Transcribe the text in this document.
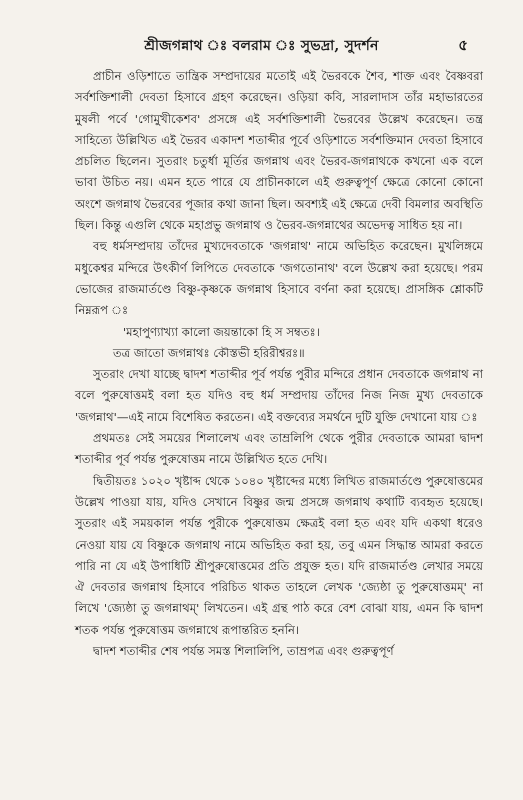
শ্রীজগন্নাথ ঃ বলরাম ঃ সুভদ্রা, সুদর্শন	৫

প্রাচীন ওড়িশাতে তান্ত্রিক সম্প্রদায়ের মতোই এই ভৈরবকে শৈব, শাক্ত এবং বৈষ্ণবরা সর্বশক্তিশালী দেবতা হিসাবে গ্রহণ করেছেন। ওড়িয়া কবি, সারলাদাস তাঁর মহাভারতের মুষলী পর্বে 'গোমুখীকেশব' প্রসঙ্গে এই সর্বশক্তিশালী ভৈরবের উল্লেখ করেছেন। তন্ত্র সাহিত্যে উল্লিখিত এই ভৈরব একাদশ শতাব্দীর পূর্বে ওড়িশাতে সর্বশক্তিমান দেবতা হিসাবে প্রচলিত ছিলেন। সুতরাং চতুর্ধা মূর্তির জগন্নাথ এবং ভৈরব-জগন্নাথকে কখনো এক বলে ভাবা উচিত নয়। এমন হতে পারে যে প্রাচীনকালে এই গুরুত্বপূর্ণ ক্ষেত্রে কোনো কোনো অংশে জগন্নাথ ভৈরবের পূজার কথা জানা ছিল। অবশ্যই এই ক্ষেত্রে দেবী বিমলার অবস্থিতি ছিল। কিন্তু এগুলি থেকে মহাপ্রভু জগন্নাথ ও ভৈরব-জগন্নাথের অভেদত্ব সাধিত হয় না।

বহু ধর্মসম্প্রদায় তাঁদের মুখ্যদেবতাকে 'জগন্নাথ' নামে অভিহিত করেছেন। মুখলিঙ্গমে মধুকেশ্বর মন্দিরে উৎকীর্ণ লিপিতে দেবতাকে 'জগতোনাথ' বলে উল্লেখ করা হয়েছে। পরম ভোজের রাজমার্তণ্ডে বিষ্ণু-কৃষ্ণকে জগন্নাথ হিসাবে বর্ণনা করা হয়েছে। প্রাসঙ্গিক শ্লোকটি নিম্নরূপ ঃ

'মহাপুণ্যাখ্যা কালো জয়ন্তাকো হি স সম্বতঃ।

তত্র জাতো জগন্নাথঃ কৌস্তভী হরিরীশ্বরঃ॥

সুতরাং দেখা যাচ্ছে দ্বাদশ শতাব্দীর পূর্ব পর্যন্ত পুরীর মন্দিরে প্রধান দেবতাকে জগন্নাথ না বলে পুরুষোত্তমই বলা হত যদিও বহু ধর্ম সম্প্রদায় তাঁদের নিজ নিজ মুখ্য দেবতাকে 'জগন্নাথ'—এই নামে বিশেষিত করতেন। এই বক্তব্যের সমর্থনে দুটি যুক্তি দেখানো যায় ঃ

প্রথমতঃ সেই সময়ের শিলালেখ এবং তাম্রলিপি থেকে পুরীর দেবতাকে আমরা দ্বাদশ শতাব্দীর পূর্ব পর্যন্ত পুরুষোত্তম নামে উল্লিখিত হতে দেখি।

দ্বিতীয়তঃ ১০২০ খৃষ্টাব্দ থেকে ১০৪০ খৃষ্টাব্দের মধ্যে লিখিত রাজমার্তণ্ডে পুরুষোত্তমের উল্লেখ পাওয়া যায়, যদিও সেখানে বিষ্ণুর জন্ম প্রসঙ্গে জগন্নাথ কথাটি ব্যবহৃত হয়েছে। সুতরাং এই সময়কাল পর্যন্ত পুরীকে পুরুষোত্তম ক্ষেত্রই বলা হত এবং যদি একথা ধরেও নেওয়া যায় যে বিষ্ণুকে জগন্নাথ নামে অভিহিত করা হয়, তবু এমন সিদ্ধান্ত আমরা করতে পারি না যে এই উপাধিটি শ্রীপুরুষোত্তমের প্রতি প্রযুক্ত হত। যদি রাজমার্তণ্ড লেখার সময়ে ঐ দেবতার জগন্নাথ হিসাবে পরিচিত থাকত তাহলে লেখক 'জ্যেষ্ঠা তু পুরুষোত্তমম্' না লিখে 'জ্যেষ্ঠা তু জগন্নাথম্' লিখতেন। এই গ্রন্থ পাঠ করে বেশ বোঝা যায়, এমন কি দ্বাদশ শতক পর্যন্ত পুরুষোত্তম জগন্নাথে রূপান্তরিত হননি।

দ্বাদশ শতাব্দীর শেষ পর্যন্ত সমস্ত শিলালিপি, তাম্রপত্র এবং গুরুত্বপূর্ণ
